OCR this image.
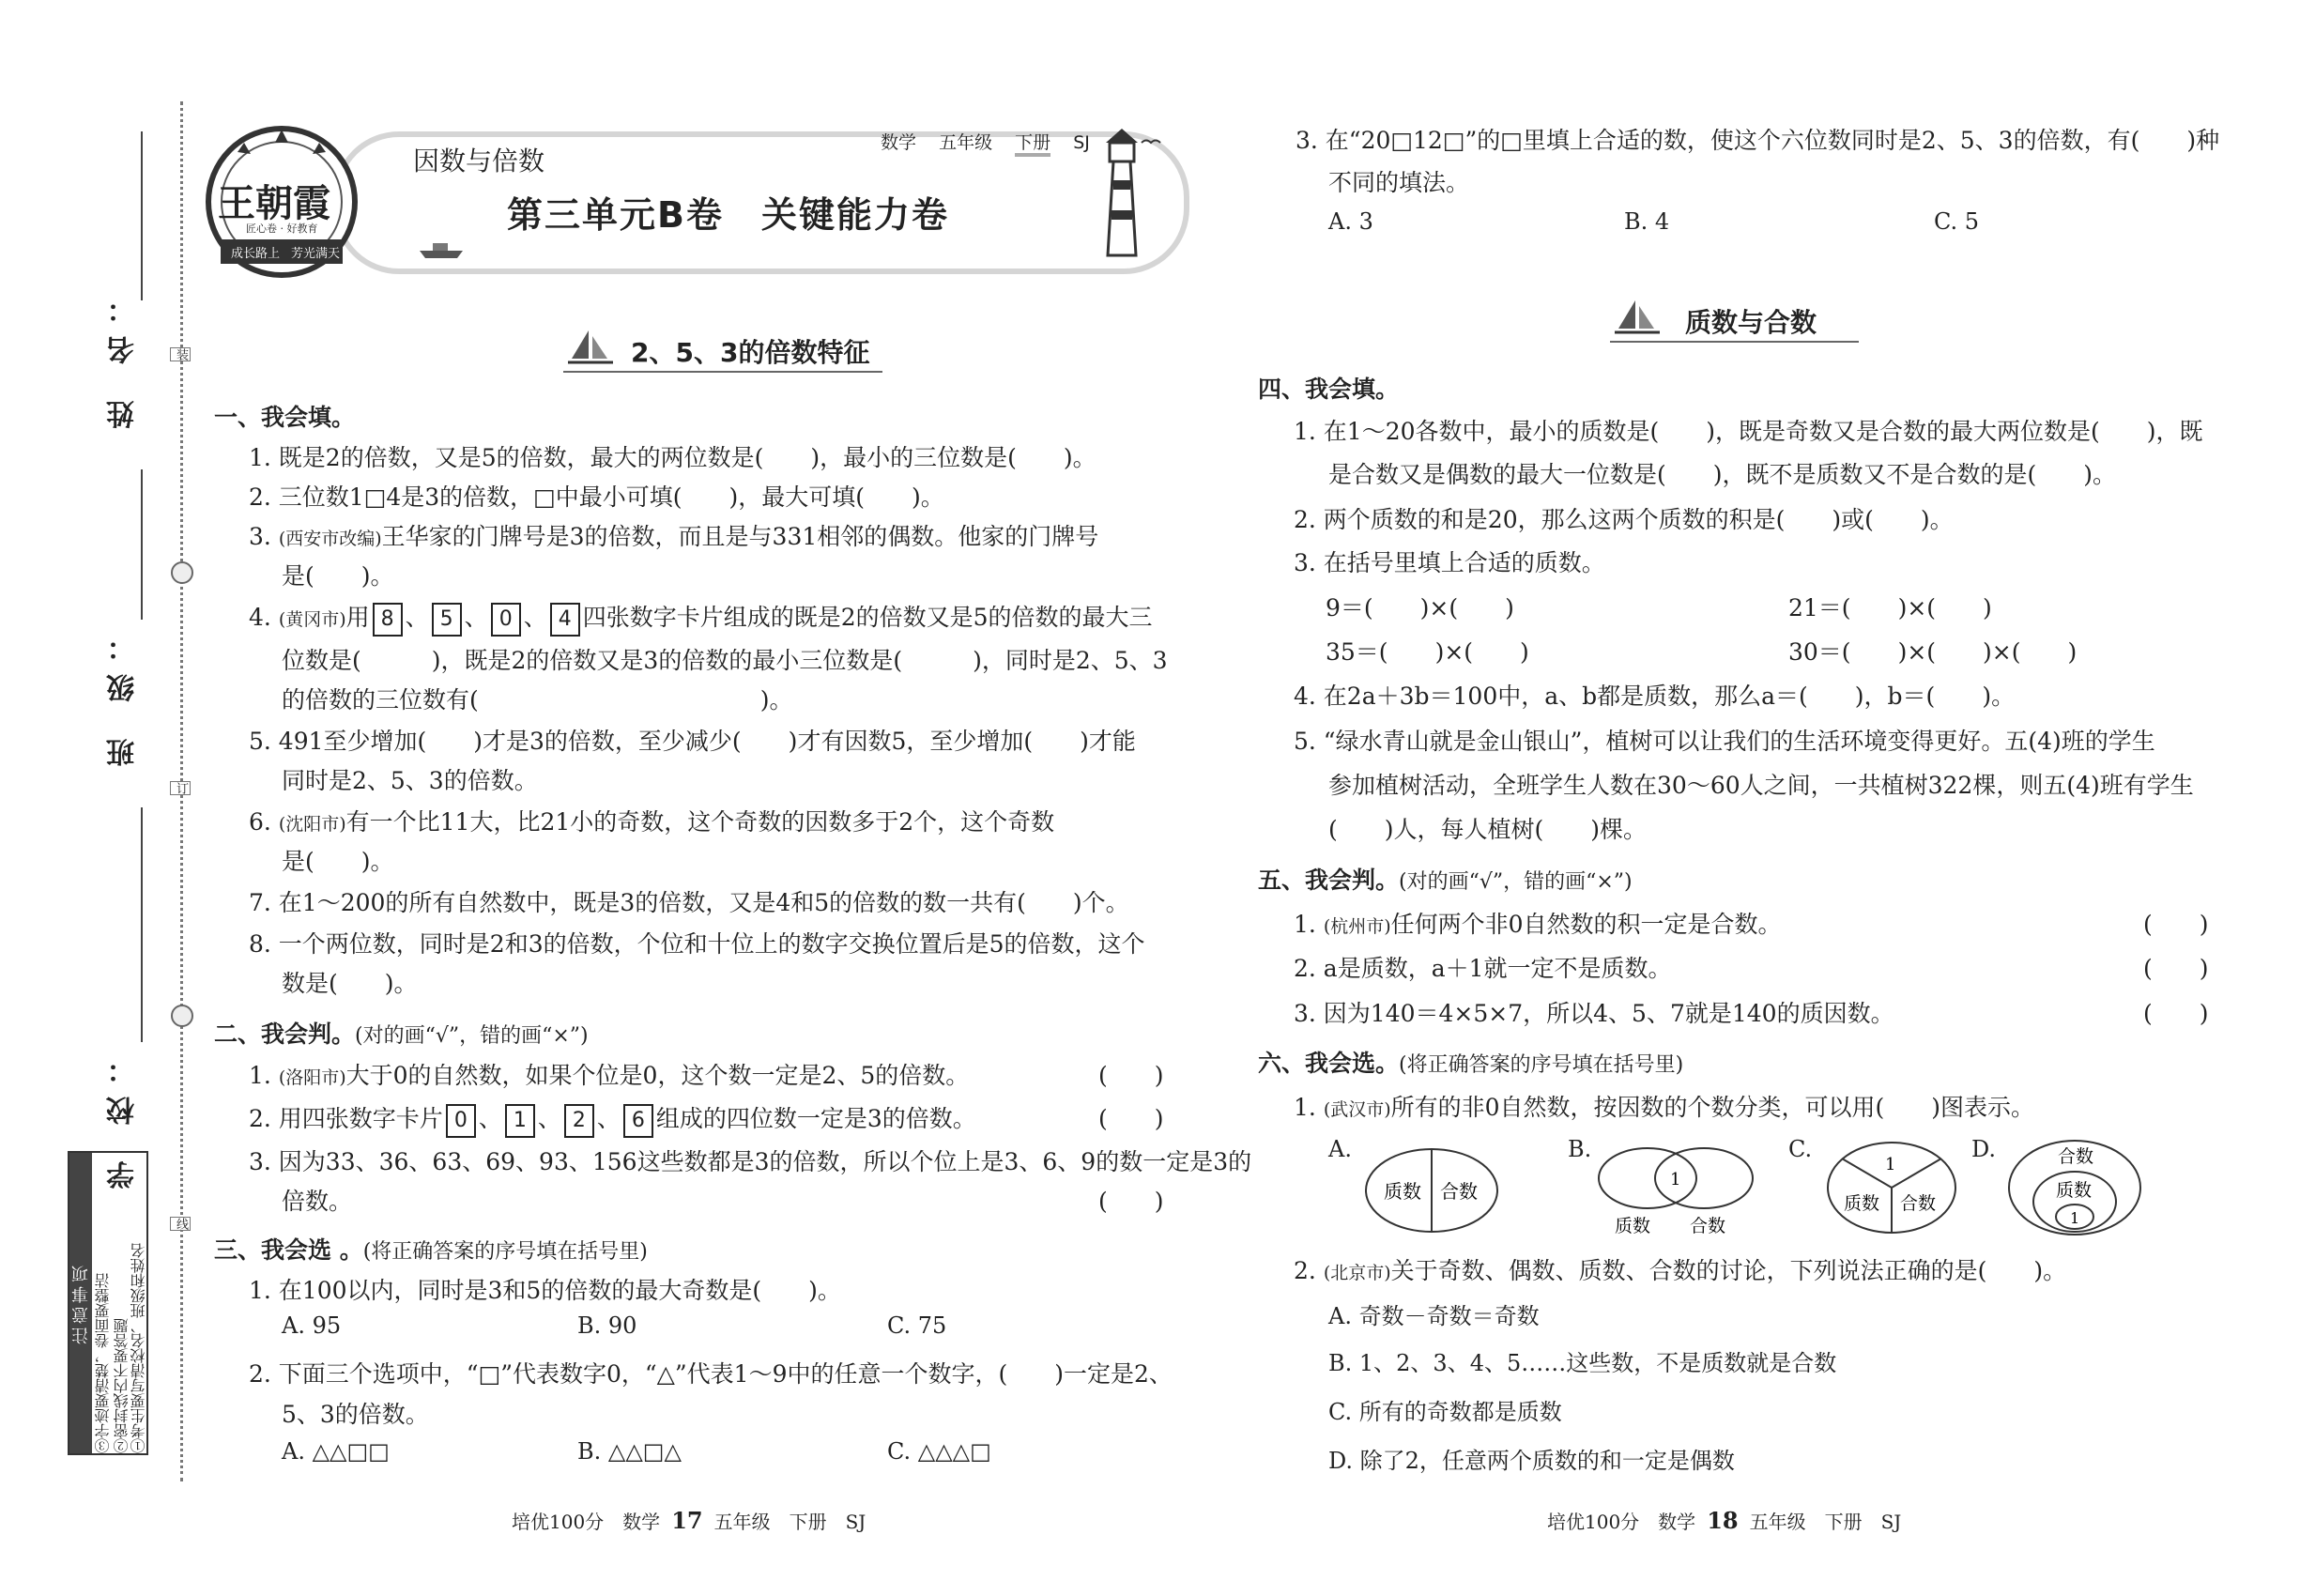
姓 名：
班 级：
学 校：
装
订
线
注意事项 ③字迹要清楚，卷面要整洁 ②密封线内不要答题 ①考生要写清校名、班级和姓名
王朝霞
匠心卷 · 好教育
成长路上 芳光满天
因数与倍数
第三单元B卷　关键能力卷
数学 五年级 下册 SJ
2、5、3的倍数特征
一、我会填。
1. 既是2的倍数，又是5的倍数，最大的两位数是(　　)，最小的三位数是(　　)。
2. 三位数1□4是3的倍数，□中最小可填(　　)，最大可填(　　)。
3. (西安市改编)王华家的门牌号是3的倍数，而且是与331相邻的偶数。他家的门牌号
是(　　)。
4. (黄冈市)用 8 、 5 、 0 、 4 四张数字卡片组成的既是2的倍数又是5的倍数的最大三
位数是(　　　)，既是2的倍数又是3的倍数的最小三位数是(　　　)，同时是2、5、3
的倍数的三位数有(　　　　　　　　　　　　)。
5. 491至少增加(　　)才是3的倍数，至少减少(　　)才有因数5，至少增加(　　)才能
同时是2、5、3的倍数。
6. (沈阳市)有一个比11大，比21小的奇数，这个奇数的因数多于2个，这个奇数
是(　　)。
7. 在1～200的所有自然数中，既是3的倍数，又是4和5的倍数的数一共有(　　)个。
8. 一个两位数，同时是2和3的倍数，个位和十位上的数字交换位置后是5的倍数，这个
数是(　　)。
二、我会判。(对的画“√”，错的画“×”)
1. (洛阳市)大于0的自然数，如果个位是0，这个数一定是2、5的倍数。	(　　)
2. 用四张数字卡片 0 、 1 、 2 、 6 组成的四位数一定是3的倍数。	(　　)
3. 因为33、36、63、69、93、156这些数都是3的倍数，所以个位上是3、6、9的数一定是3的
倍数。	(　　)
三、我会选 。(将正确答案的序号填在括号里)
1. 在100以内，同时是3和5的倍数的最大奇数是(　　)。
A. 95	B. 90	C. 75
2. 下面三个选项中，“□”代表数字0，“△”代表1～9中的任意一个数字，(　　)一定是2、
5、3的倍数。
A. △△□□	B. △△□△	C. △△△□
培优100分　数学 17 五年级　下册　SJ
3. 在“20□12□”的□里填上合适的数，使这个六位数同时是2、5、3的倍数，有(　　)种
不同的填法。
A. 3	B. 4	C. 5
质数与合数
四、我会填。
1. 在1～20各数中，最小的质数是(　　)，既是奇数又是合数的最大两位数是(　　)，既
是合数又是偶数的最大一位数是(　　)，既不是质数又不是合数的是(　　)。
2. 两个质数的和是20，那么这两个质数的积是(　　)或(　　)。
3. 在括号里填上合适的质数。
9＝(　　)×(　　)	21＝(　　)×(　　)
35＝(　　)×(　　)	30＝(　　)×(　　)×(　　)
4. 在2a＋3b＝100中，a、b都是质数，那么a＝(　　)，b＝(　　)。
5. “绿水青山就是金山银山”，植树可以让我们的生活环境变得更好。五(4)班的学生
参加植树活动，全班学生人数在30～60人之间，一共植树322棵，则五(4)班有学生
(　　)人，每人植树(　　)棵。
五、我会判。(对的画“√”，错的画“×”)
1. (杭州市)任何两个非0自然数的积一定是合数。	(　　)
2. a是质数，a＋1就一定不是质数。	(　　)
3. 因为140＝4×5×7，所以4、5、7就是140的质因数。	(　　)
六、我会选。(将正确答案的序号填在括号里)
1. (武汉市)所有的非0自然数，按因数的个数分类，可以用(　　)图表示。
A.
质数 合数
B.
1
质数 合数
C.
1
质数 合数
D.	合数
质数
1
2. (北京市)关于奇数、偶数、质数、合数的讨论，下列说法正确的是(　　)。
A. 奇数－奇数＝奇数
B. 1、2、3、4、5……这些数，不是质数就是合数
C. 所有的奇数都是质数
D. 除了2，任意两个质数的和一定是偶数
培优100分　数学 18 五年级　下册　SJ
